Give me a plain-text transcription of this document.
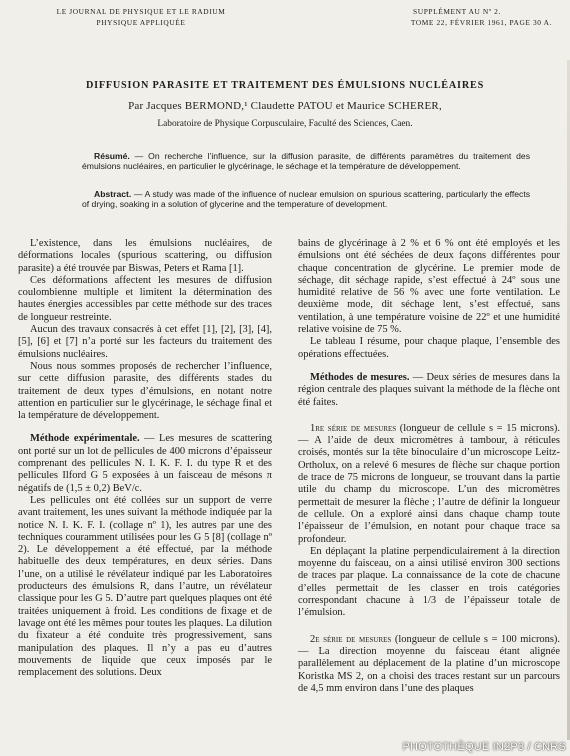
LE JOURNAL DE PHYSIQUE ET LE RADIUM
PHYSIQUE APPLIQUÉE
SUPPLÉMENT AU Nº 2.
TOME 22, FÉVRIER 1961, PAGE 30 A.
DIFFUSION PARASITE ET TRAITEMENT DES ÉMULSIONS NUCLÉAIRES
Par Jacques BERMOND,¹ Claudette PATOU et Maurice SCHERER,
Laboratoire de Physique Corpusculaire, Faculté des Sciences, Caen.
Résumé. — On recherche l’influence, sur la diffusion parasite, de différents paramètres du traitement des émulsions nucléaires, en particulier le glycérinage, le séchage et la température de développement.
Abstract. — A study was made of the influence of nuclear emulsion on spurious scattering, particularly the effects of drying, soaking in a solution of glycerine and the temperature of development.

L’existence, dans les émulsions nucléaires, de déformations locales (spurious scattering, ou diffusion parasite) a été trouvée par Biswas, Peters et Rama [1].

Ces déformations affectent les mesures de diffusion coulombienne multiple et limitent la détermination des hautes énergies accessibles par cette méthode sur des traces de longueur restreinte.

Aucun des travaux consacrés à cet effet [1], [2], [3], [4], [5], [6] et [7] n’a porté sur les facteurs du traitement des émulsions nucléaires.

Nous nous sommes proposés de rechercher l’influence, sur cette diffusion parasite, des différents stades du traitement de deux types d’émulsions, en notant notre attention en particulier sur le glycérinage, le séchage final et la température de développement.

Méthode expérimentale. — Les mesures de scattering ont porté sur un lot de pellicules de 400 microns d’épaisseur comprenant des pellicules N. I. K. F. I. du type R et des pellicules Ilford G 5 exposées à un faisceau de mésons π négatifs de (1,5 ± 0,2) BeV/c.

Les pellicules ont été collées sur un support de verre avant traitement, les unes suivant la méthode indiquée par la notice N. I. K. F. I. (collage nº 1), les autres par une des techniques couramment utilisées pour les G 5 [8] (collage nº 2). Le développement a été effectué, par la méthode habituelle des deux températures, en deux séries. Dans l’une, on a utilisé le révélateur indiqué par les Laboratoires producteurs des émulsions R, dans l’autre, un révélateur classique pour les G 5. D’autre part quelques plaques ont été traitées uniquement à froid. Les conditions de fixage et de lavage ont été les mêmes pour toutes les plaques. La dilution du fixateur a été conduite très progressivement, sans manipulation des plaques. Il n’y a pas eu d’autres mouvements de liquide que ceux imposés par le remplacement des solutions. Deux

bains de glycérinage à 2 % et 6 % ont été employés et les émulsions ont été séchées de deux façons différentes pour chaque concentration de glycérine. Le premier mode de séchage, dit séchage rapide, s’est effectué à 24º sous une humidité relative de 56 % avec une forte ventilation. Le deuxième mode, dit séchage lent, s’est effectué, sans ventilation, à une température voisine de 22º et une humidité relative voisine de 75 %.

Le tableau I résume, pour chaque plaque, l’ensemble des opérations effectuées.

Méthodes de mesures. — Deux séries de mesures dans la région centrale des plaques suivant la méthode de la flèche ont été faites.

1re série de mesures (longueur de cellule s = 15 microns). — A l’aide de deux micromètres à tambour, à réticules croisés, montés sur la tête binoculaire d’un microscope Leitz-Ortholux, on a relevé 6 mesures de flèche sur chaque portion de trace de 75 microns de longueur, se trouvant dans la partie utile du champ du microscope. L’un des micromètres permettait de mesurer la flèche ; l’autre de définir la longueur de cellule. On a exploré ainsi dans chaque champ toute l’épaisseur de l’émulsion, en notant pour chaque trace sa profondeur.

En déplaçant la platine perpendiculairement à la direction moyenne du faisceau, on a ainsi utilisé environ 300 sections de traces par plaque. La connaissance de la cote de chacune d’elles permettait de les classer en trois catégories correspondant chacune à 1/3 de l’épaisseur totale de l’émulsion.

2e série de mesures (longueur de cellule s = 100 microns). — La direction moyenne du faisceau étant alignée parallèlement au déplacement de la platine d’un microscope Koristka MS 2, on a choisi des traces restant sur un parcours de 4,5 mm environ dans l’une des plaques

PHOTOTHÈQUE IN2P3 / CNRS
